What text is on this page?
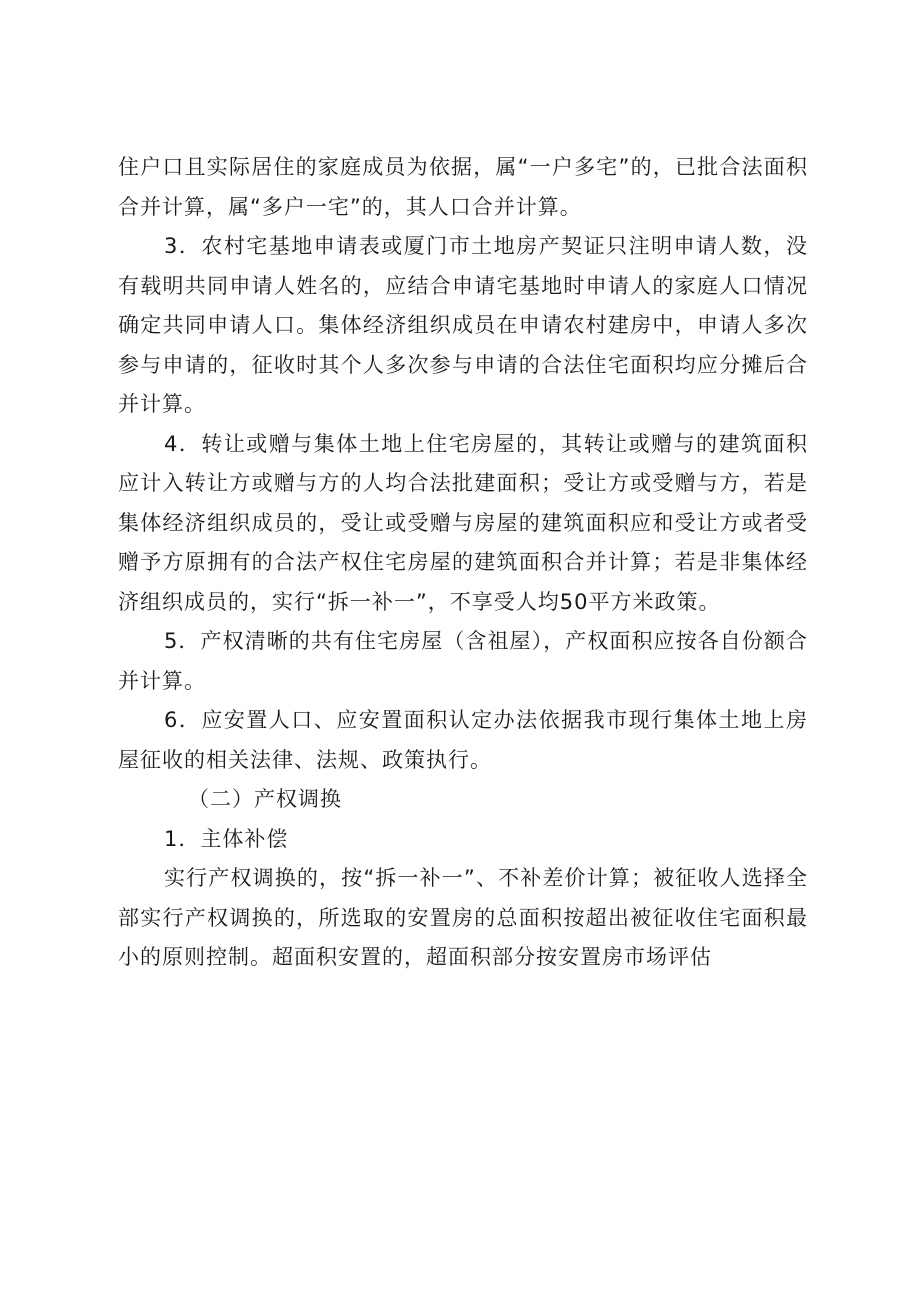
住户口且实际居住的家庭成员为依据，属“一户多宅”的，已批合法面积合并计算，属“多户一宅”的，其人口合并计算。

3．农村宅基地申请表或厦门市土地房产契证只注明申请人数，没有载明共同申请人姓名的，应结合申请宅基地时申请人的家庭人口情况确定共同申请人口。集体经济组织成员在申请农村建房中，申请人多次参与申请的，征收时其个人多次参与申请的合法住宅面积均应分摊后合并计算。

4．转让或赠与集体土地上住宅房屋的，其转让或赠与的建筑面积应计入转让方或赠与方的人均合法批建面积；受让方或受赠与方，若是集体经济组织成员的，受让或受赠与房屋的建筑面积应和受让方或者受赠予方原拥有的合法产权住宅房屋的建筑面积合并计算；若是非集体经济组织成员的，实行“拆一补一”，不享受人均50平方米政策。

5．产权清晰的共有住宅房屋（含祖屋），产权面积应按各自份额合并计算。

6．应安置人口、应安置面积认定办法依据我市现行集体土地上房屋征收的相关法律、法规、政策执行。

（二）产权调换

1．主体补偿

实行产权调换的，按“拆一补一”、不补差价计算；被征收人选择全部实行产权调换的，所选取的安置房的总面积按超出被征收住宅面积最小的原则控制。超面积安置的，超面积部分按安置房市场评估
